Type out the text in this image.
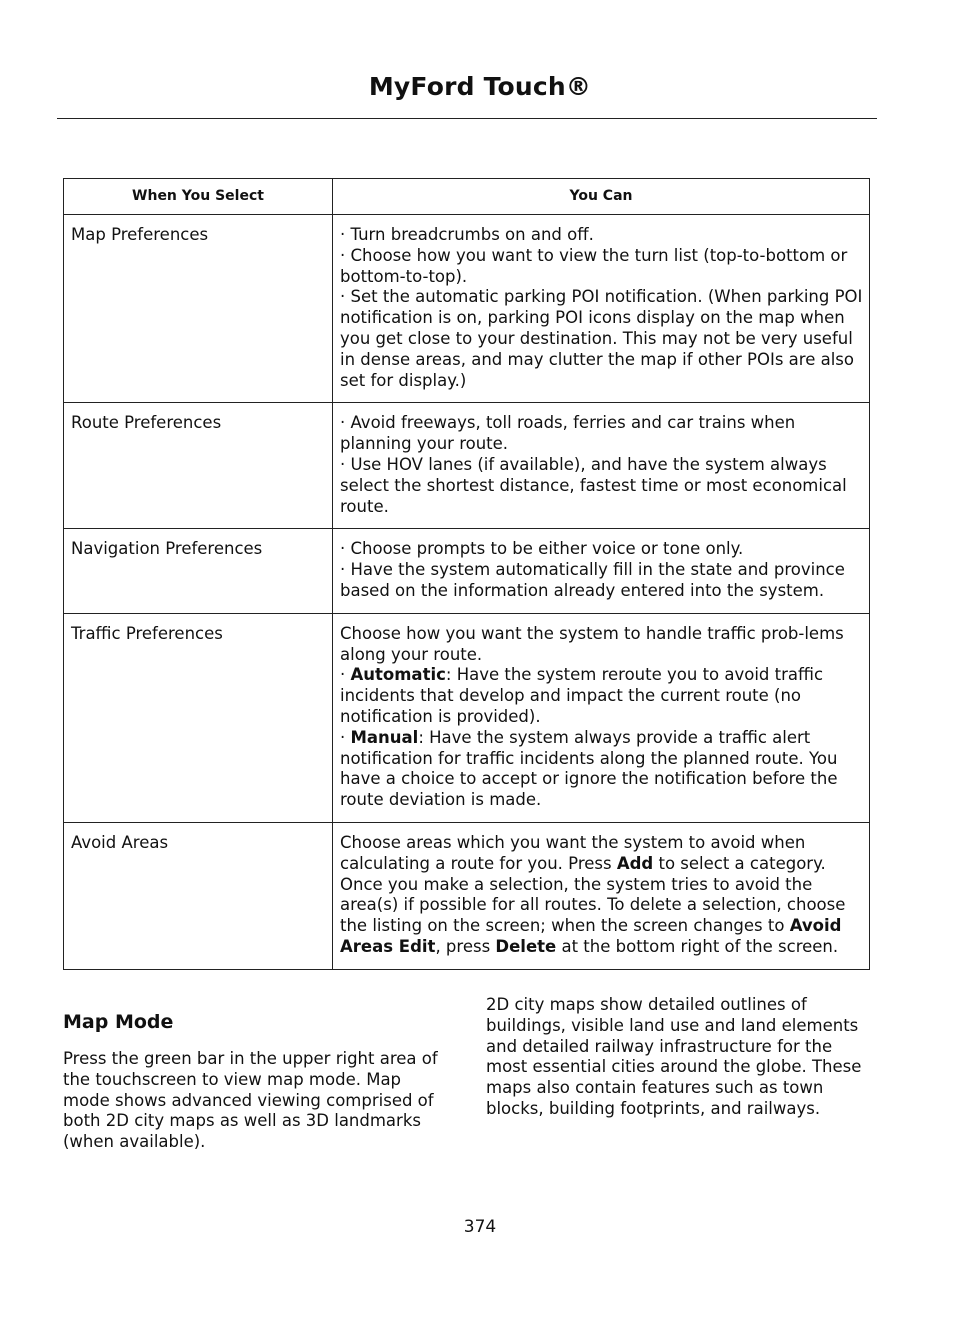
MyFord Touch®
When You Select	You Can
Map Preferences	· Turn breadcrumbs on and off.
· Choose how you want to view the turn list (top-to-bottom or bottom-to-top).
· Set the automatic parking POI notification. (When parking POI notification is on, parking POI icons display on the map when you get close to your destination. This may not be very useful in dense areas, and may clutter the map if other POIs are also set for display.)

Route Preferences	· Avoid freeways, toll roads, ferries and car trains when planning your route.
· Use HOV lanes (if available), and have the system always select the shortest distance, fastest time or most economical route.

Navigation Preferences	· Choose prompts to be either voice or tone only.
· Have the system automatically fill in the state and province based on the information already entered into the system.

Traffic Preferences	Choose how you want the system to handle traffic prob-lems along your route.
· Automatic: Have the system reroute you to avoid traffic incidents that develop and impact the current route (no notification is provided).
· Manual: Have the system always provide a traffic alert notification for traffic incidents along the planned route. You have a choice to accept or ignore the notification before the route deviation is made.

Avoid Areas	Choose areas which you want the system to avoid when calculating a route for you. Press Add to select a category. Once you make a selection, the system tries to avoid the area(s) if possible for all routes. To delete a selection, choose the listing on the screen; when the screen changes to Avoid Areas Edit, press Delete at the bottom right of the screen.
Map Mode
Press the green bar in the upper right area of the touchscreen to view map mode. Map mode shows advanced viewing comprised of both 2D city maps as well as 3D landmarks (when available).
2D city maps show detailed outlines of buildings, visible land use and land elements and detailed railway infrastructure for the most essential cities around the globe. These maps also contain features such as town blocks, building footprints, and railways.
374
